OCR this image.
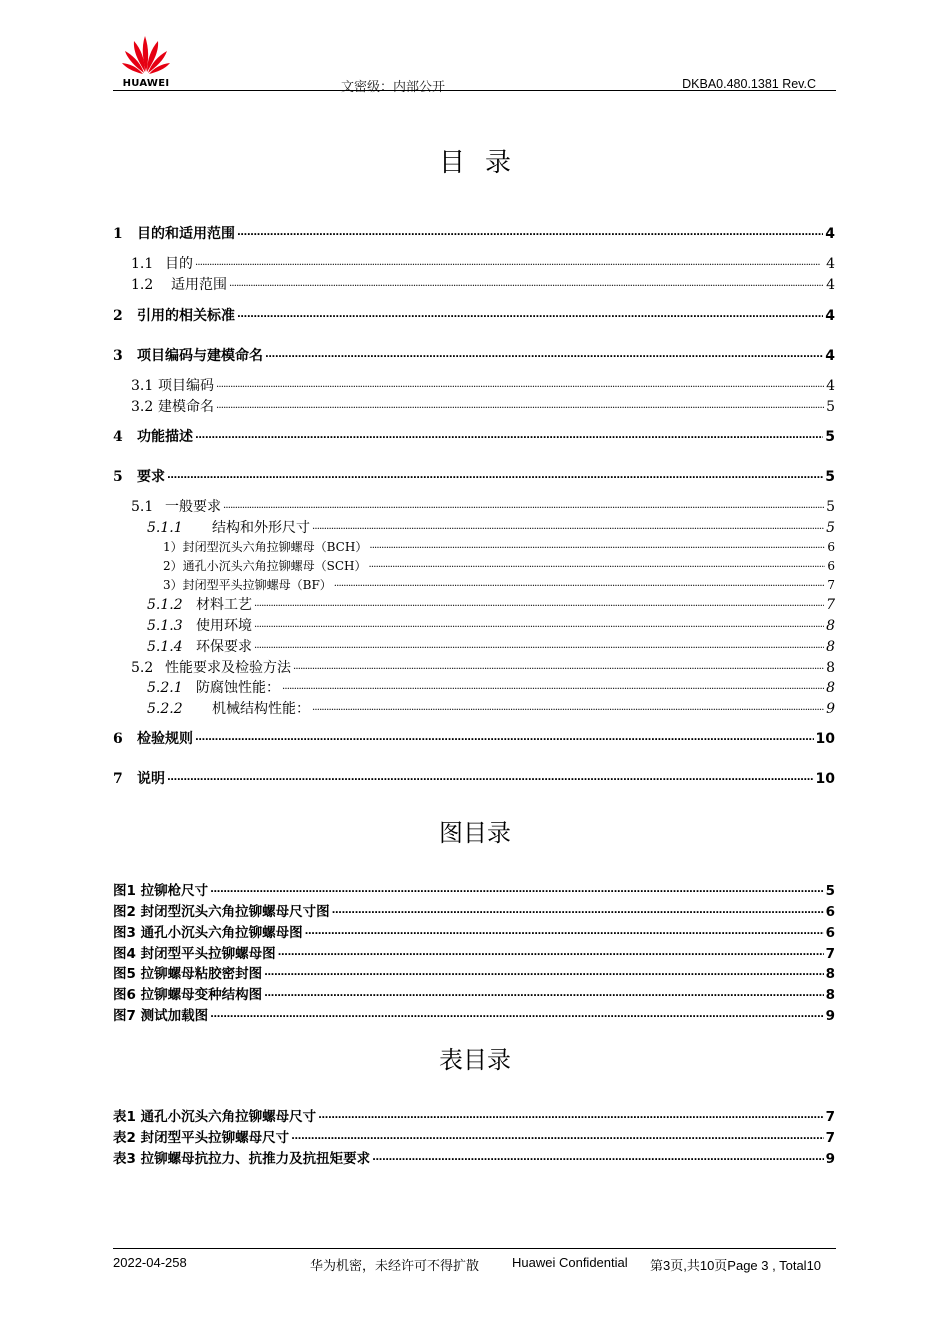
HUAWEI	文密级：内部公开	DKBA0.480.1381 Rev.C
目录
1 目的和适用范围 . . .	4
1.1 目的 . . .	4
1.2 适用范围 . . .	4
2 引用的相关标准 . . .	4
3 项目编码与建模命名 . . .	4
3.1 项目编码 . . .	4
3.2 建模命名 . . .	5
4 功能描述 . . .	5
5 要求 . . .	5
5.1 一般要求 . . .	5
5.1.1 结构和外形尺寸 . . .	5
1）封闭型沉头六角拉铆螺母（BCH） . . .	6
2）通孔小沉头六角拉铆螺母（SCH） . . .	6
3）封闭型平头拉铆螺母（BF） . . .	7
5.1.2 材料工艺 . . .	7
5.1.3 使用环境 . . .	8
5.1.4 环保要求 . . .	8
5.2 性能要求及检验方法 . . .	8
5.2.1 防腐蚀性能： . . .	8
5.2.2 机械结构性能： . . .	9
6 检验规则 . . .	10
7 说明 . . .	10
图目录
图1 拉铆枪尺寸 . . .	5
图2 封闭型沉头六角拉铆螺母尺寸图 . . .	6
图3 通孔小沉头六角拉铆螺母图 . . .	6
图4 封闭型平头拉铆螺母图 . . .	7
图5 拉铆螺母粘胶密封图 . . .	8
图6 拉铆螺母变种结构图 . . .	8
图7 测试加载图 . . .	9
表目录
表1 通孔小沉头六角拉铆螺母尺寸 . . .	7
表2 封闭型平头拉铆螺母尺寸 . . .	7
表3 拉铆螺母抗拉力、抗推力及抗扭矩要求 . . .	9
2022-04-258	华为机密，未经许可不得扩散	Huawei Confidential 第3页,共10页Page 3 , Total10
